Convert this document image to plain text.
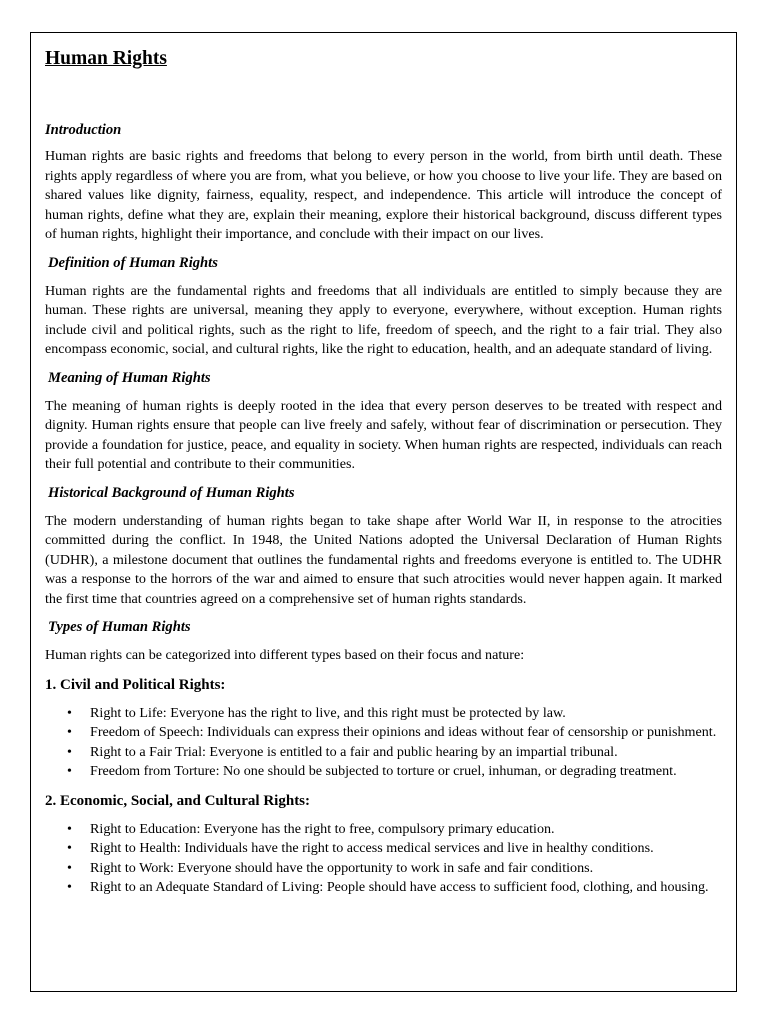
Human Rights
Introduction

Human rights are basic rights and freedoms that belong to every person in the world, from birth until death. These rights apply regardless of where you are from, what you believe, or how you choose to live your life. They are based on shared values like dignity, fairness, equality, respect, and independence. This article will introduce the concept of human rights, define what they are, explain their meaning, explore their historical background, discuss different types of human rights, highlight their importance, and conclude with their impact on our lives.

Definition of Human Rights

Human rights are the fundamental rights and freedoms that all individuals are entitled to simply because they are human. These rights are universal, meaning they apply to everyone, everywhere, without exception. Human rights include civil and political rights, such as the right to life, freedom of speech, and the right to a fair trial. They also encompass economic, social, and cultural rights, like the right to education, health, and an adequate standard of living.

Meaning of Human Rights

The meaning of human rights is deeply rooted in the idea that every person deserves to be treated with respect and dignity. Human rights ensure that people can live freely and safely, without fear of discrimination or persecution. They provide a foundation for justice, peace, and equality in society. When human rights are respected, individuals can reach their full potential and contribute to their communities.

Historical Background of Human Rights

The modern understanding of human rights began to take shape after World War II, in response to the atrocities committed during the conflict. In 1948, the United Nations adopted the Universal Declaration of Human Rights (UDHR), a milestone document that outlines the fundamental rights and freedoms everyone is entitled to. The UDHR was a response to the horrors of the war and aimed to ensure that such atrocities would never happen again. It marked the first time that countries agreed on a comprehensive set of human rights standards.

Types of Human Rights

Human rights can be categorized into different types based on their focus and nature:

1. Civil and Political Rights:
• Right to Life: Everyone has the right to live, and this right must be protected by law.
• Freedom of Speech: Individuals can express their opinions and ideas without fear of censorship or punishment.
• Right to a Fair Trial: Everyone is entitled to a fair and public hearing by an impartial tribunal.
• Freedom from Torture: No one should be subjected to torture or cruel, inhuman, or degrading treatment.
2. Economic, Social, and Cultural Rights:
• Right to Education: Everyone has the right to free, compulsory primary education.
• Right to Health: Individuals have the right to access medical services and live in healthy conditions.
• Right to Work: Everyone should have the opportunity to work in safe and fair conditions.
• Right to an Adequate Standard of Living: People should have access to sufficient food, clothing, and housing.
